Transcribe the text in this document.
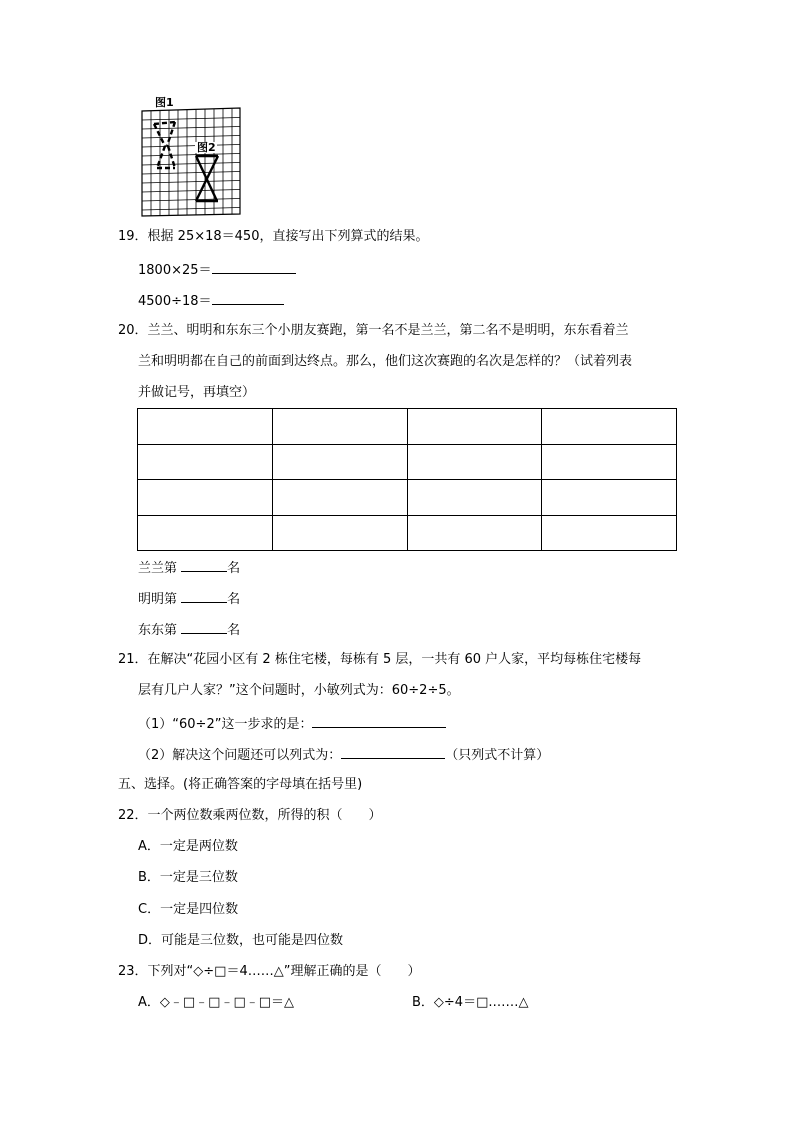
图1
图2
19．根据 25×18＝450，直接写出下列算式的结果。
1800×25＝
4500÷18＝
20．兰兰、明明和东东三个小朋友赛跑，第一名不是兰兰，第二名不是明明，东东看着兰
兰和明明都在自己的前面到达终点。那么，他们这次赛跑的名次是怎样的？（试着列表
并做记号，再填空）

兰兰第	名
明明第	名
东东第	名
21．在解决“花园小区有 2 栋住宅楼，每栋有 5 层，一共有 60 户人家，平均每栋住宅楼每
层有几户人家？”这个问题时，小敏列式为：60÷2÷5。
（1）“60÷2”这一步求的是：
（2）解决这个问题还可以列式为：	（只列式不计算）
五、选择。(将正确答案的字母填在括号里)
22．一个两位数乘两位数，所得的积（　　）
A．一定是两位数
B．一定是三位数
C．一定是四位数
D．可能是三位数，也可能是四位数
23．下列对“◇÷□＝4……△”理解正确的是（　　）
A．◇﹣□﹣□﹣□﹣□＝△	B．◇÷4＝□.……△
